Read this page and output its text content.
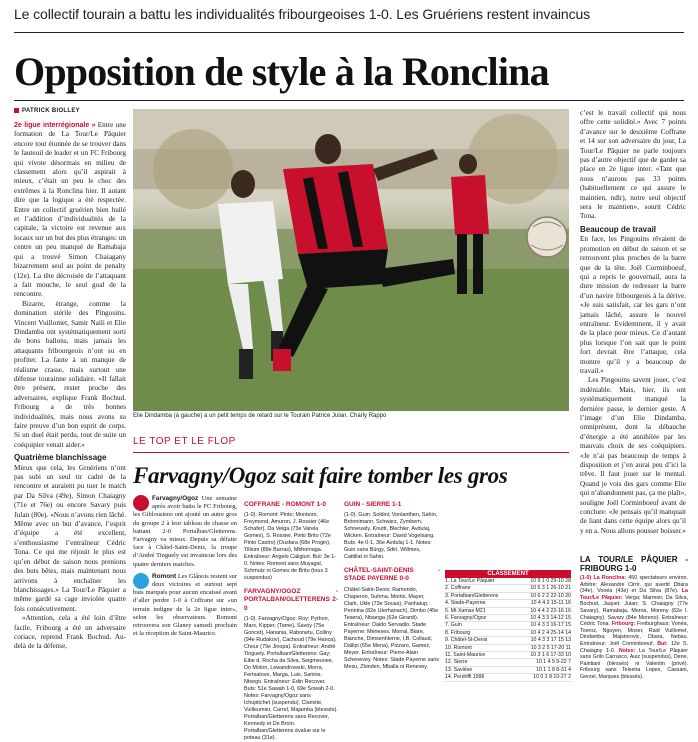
Le collectif tourain a battu les individualités fribourgeoises 1-0. Les Gruériens restent invaincus
Opposition de style à la Ronclina
PATRICK BIOLLEY

2e ligue interrégionale » Entre une formation de La Tour/Le Pâquier encore tout étonnée de se trouver dans le fauteuil de leader et un FC Fribourg qui vivote désormais en milieu de classement alors qu’il aspirait à mieux, c’était un peu le choc des extrêmes à la Ronclina hier. Il autant dire que la logique a été respectée. Entre un collectif gruérien bien huilé et l’addition d’individualités de la capitale, la victoire est revenue aux locaux sur un but des plus étranges: un centre un peu manqué de Ramabaja qui a trouvé Simon Chaiagany bizarrement seul au point de penalty (12e). La tête décroisée de l’attaquant a fait mouche, le seul goal de la rencontre.

Bizarre, étrange, comme la domination stérile des Pingouins. Vincent Vuillomet, Samir Naili et Elie Dindamba ont systématiquement sorti de bons ballons, mais jamais les attaquants fribourgeois n’ont su en profiter. La faute à un manque de réalisme crasse, mais surtout une défense tourainne solidaire. «Il fallait être présent, rester proche des adversaires, explique Frank Bochud. Fribourg a de très bonnes individualités, mais nous avons su faire preuve d’un bon esprit de corps. Si un duel était perdu, tout de suite un coéquipier venait aider.»

Quatrième blanchissage

Mieux que cela, les Gruériens n’ont pas subi un seul tir cadré de la rencontre et auraient pu tuer le match par Da Silva (49e), Simon Chaiagny (71e et 76e) ou encore Savary puis Julan (80e). «Nous n’avons rien lâché. Même avec un but d’avance, l’esprit d’équipe a été excellent, s’enthousiasme l’entraîneur Cédric Tona. Ce qui me réjouit le plus est qu’en début de saison nous prenions des buts bêtes, mais maintenant nous arrivons à enchaîner les blanchissages.» La Tour/Le Pâquier a même gardé sa cage inviolée quatre fois consécutivement.

«Attention, cela a été loin d’être facile, Fribourg a été un adversaire coriace, reprend Frank Bochud. Au-delà de la défense,

Elie Dindamba (à gauche) a un petit temps de retard sur le Tourain Patrice Julan. Charly Rappo

c’est le travail collectif qui nous offre cette solidité.» Avec 7 points d’avance sur le deuxième Coffrane et 14 sur son adversaire du jour, La Tour/Le Pâquier ne parle toujours pas d’autre objectif que de garder sa place en 2e ligue inter. «Tant que nous n’aurons pas 33 points (habituellement ce qui assure le maintien, ndlr), notre seul objectif sera le maintien», sourit Cédric Tona.

Beaucoup de travail

En face, les Pingouins rêvaient de promotion en début de saison et se retrouvent plus proches de la barre que de la tête. Joël Corminboeuf, qui a repris le gouvernail, aura la dure mission de redresser la barre d’un navire fribourgeois à la dérive. «Je suis satisfait, car les gars n’ont jamais lâché, assure le nouvel entraîneur. Evidemment, il y avait de la place pour mieux. Ce d’autant plus lorsque l’on sait que le point fort devrait être l’attaque, cela montre qu’il y a beaucoup de travail.»

Les Pingouins savent jouer, c’est indéniable. Mais, hier, ils ont systématiquement manqué la dernière passe, le dernier geste. A l’image d’un Elie Dindamba, omniprésent, dont la débauche d’énergie a été annihilée par les mauvais choix de ses coéquipiers. «Je n’ai pas beaucoup de temps à disposition et j’en aurai peu d’ici la trêve. Il faut jouer sur le mental. Quand je vois des gars comme Elie qui n’abandonnent pas, ça me plaît», souligne Joël Corminboeuf avant de conclure: «Je pensais qu’il manquait de liant dans cette équipe alors qu’il y en a. Nous allons pousser boisser.»

LE TOP ET LE FLOP
Farvagny/Ogoz sait faire tomber les gros

Farvagny/Ogoz Une semaine après avoir battu le FC Fribourg, les Giblousiens ont ajouté un autre gros du groupe 2 à leur tableau de chasse en battant 2-0 Portalban/Gletterens. Farvagny va mieux. Depuis sa défaite face à Châtel-Saint-Denis, la troupe d’André Tinguely est invaincue lors des quatre derniers matches.

Romont Les Glânois restent sur deux victoires et surtout sept buts marqués pour aucun encaissé avant d’aller perdre 1-0 à Coffrane sur «un terrain indigne de la 2e ligue inter», selon les observateurs. Romont retrouvera son Glaney samedi prochain et la réception de Saint-Maurice.

COFFRANE - ROMONT 1-0
(1-0). Romont: Pinto; Monteiro, Freymond, Amuron, J. Rossier (46e Schafer), Da Veiga (73e Varela Gomes), S. Rossier, Pinto Brito (72e Pinto Castro) (Ousfara (68e Progin), Tillium (89e Barras), Mbhomaga. Entraîneur: Angelo Caligiuri. But: 3e 1-0. Notes: Romont sans Muyagal, Schmutz ni Gomes de Brito (tous 3 suspendus)
FARVAGNY/OGOZ - PORTALBAN/GLETTERENS 2-0
(1-0). Farvagny/Ogoz: Roy; Python, Marx, Kipper, (Tame), Savoy (75e Goncet), Hanania, Rabonetu, Colliny (94e Rudakov), Cachoud (79e Hanca), Chour (79e Jinopa). Entraîneur: André Tinguely. Portalban/Gletterens: Gay; Eibe d, Rocha da Silva, Seigmeunee, Do Moton, Lewandrowski, Morra, Fertsatove, Marga, Luis, Santos. Ntsego. Entraîneur: Edin Recover. Buts: 51e Sawah 1-0, 69e Sowah 2-0. Notes: Farvagny/Ogoz sans Ichupitchet (suspendu), Clarivite, Vuilleumier, Carrel, Majamba (blessés). Portalban/Gletterens sans Recover, Kennedy et De Broin. Portalban/Gletterens évalue sur le poteau (31e).
GUIN - SIERRE 1-1
(1-0). Guin: Soldini; Vonlanthen, Sahin, Brönnimann, Schwarz, Zymbern, Schneuwly, Knutti, Blechler, Avdulaj, Wicken. Entraîneur: David Vogelsang. Buts: 4e 0-1, 36e Avdulaj 1-1. Notes: Guin sans Bürgy, Sdiri, Willmes, Cattillat ni Sahin.
CHÂTEL-SAINT-DENIS - STADE PAYERNE 0-0
Châtel-Saint-Denis: Ramondo, Chaperon, Suhma, Mortis, Mayer, Clark, Ukle (73e Sousa), Panhalup, Pennina (82e Uterhanach), Dimbo (45e Tesera), Ntsanga (62e Girardi). Entraîneur: Daido Servadio. Stade Payerne: Meneses, Morral, Biare, Bianche, Dimsenhlerne, I.B. Collaud, Dallipi (65e Mena), Pizzaro, Gamez, Meyer. Entraîneur: Pierre-Alain Schenevey. Notes: Stade Payerne sans Mezu, Zbinden, Mballa ni Renevey.
CLASSEMENT
1. La Tour/Le Pâquier	10 9 1 0 29-10 28
2. Coffrane	10 6 3 1 26-10 21
3. Portalban/Gletterens	10 6 2 2 22-10 20
4. Stade-Payerne	10 4 4 2 15-11 16
5. Mt Xamax M21	10 4 4 2 22-16 16
6. Farvagny/Ogoz	10 4 3 3 14-12 15
7. Guin	10 4 3 3 16-17 15
8. Fribourg	10 4 2 4 25-14 14
9. Châtel-St-Denis	10 4 3 3 17 15 13
10. Romont	10 3 2 5 17-20 11
11. Saint-Maurice	10 3 1 6 17-33 10
12. Sierre	10 1 4 5 9-22 7
13. Savièse	10 1 1 8 8-31 4
14. Perdriffi 1996	10 0 2 8 10-27 2
LA TOUR/LE PÂQUIER - FRIBOURG 1-0
(1-0) La Ronclina: 450 spectateurs environ. Arbitre: Alexandre Cirrir, qui avertit Dbara (34e), Vonéa (43e) et Da Silva (87e). La Tour/Le Pâquier: Verga; Marmier, Da Silva, Bochud, Jaquet; Julan; S. Chaiagny (77e Savary), Ramabaja, Morna, Moreny (62e I. Chaiagny). Savary (84e Moreno). Entraîneur: Cédric Tona. Fribourg: Freiburghaus; Vonéa, Toeroz, Nguyen, Moser, Raid Vuillomet, Dindamba; Majstorovic, Dbara, Nebau. Entraîneur: Joël Corminboeuf. But: 12e S. Chaiagny 1-0. Notes: La Tour/Le Pâquier sans Grilo Carrasco, Auiz (suspendus), Dene, Paintiani (blessés) ni Valentin (privé). Fribourg sans Teixeira Lopes, Cassani, Gerzel, Marques (blessés).
